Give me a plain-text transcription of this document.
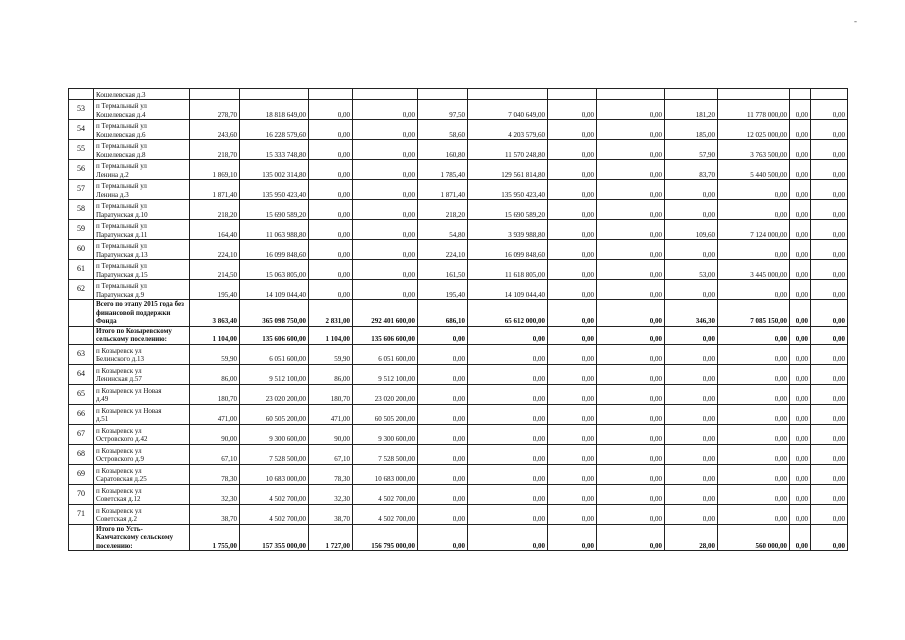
-

	Кошелевская д.3												

53	п Термальный ул
Кошелевская д.4	278,70	18 818 649,00	0,00	0,00	97,50	7 040 649,00	0,00	0,00	181,20	11 778 000,00	0,00	0,00
54	п Термальный ул
Кошелевская д.6	243,60	16 228 579,60	0,00	0,00	58,60	4 203 579,60	0,00	0,00	185,00	12 025 000,00	0,00	0,00
55	п Термальный ул
Кошелевская д.8	218,70	15 333 748,80	0,00	0,00	160,80	11 570 248,80	0,00	0,00	57,90	3 763 500,00	0,00	0,00
56	п Термальный ул
Ленина д.2	1 869,10	135 002 314,80	0,00	0,00	1 785,40	129 561 814,80	0,00	0,00	83,70	5 440 500,00	0,00	0,00
57	п Термальный ул
Ленина д.3	1 871,40	135 950 423,40	0,00	0,00	1 871,40	135 950 423,40	0,00	0,00	0,00	0,00	0,00	0,00
58	п Термальный ул
Паратунская д.10	218,20	15 690 589,20	0,00	0,00	218,20	15 690 589,20	0,00	0,00	0,00	0,00	0,00	0,00
59	п Термальный ул
Паратунская д.11	164,40	11 063 988,80	0,00	0,00	54,80	3 939 988,80	0,00	0,00	109,60	7 124 000,00	0,00	0,00
60	п Термальный ул
Паратунская д.13	224,10	16 099 848,60	0,00	0,00	224,10	16 099 848,60	0,00	0,00	0,00	0,00	0,00	0,00
61	п Термальный ул
Паратунская д.15	214,50	15 063 805,00	0,00	0,00	161,50	11 618 805,00	0,00	0,00	53,00	3 445 000,00	0,00	0,00
62	п Термальный ул
Паратунская д.9	195,40	14 109 044,40	0,00	0,00	195,40	14 109 044,40	0,00	0,00	0,00	0,00	0,00	0,00

	Всего по этапу 2015 года без
финансовой поддержки
Фонда	3 863,40	365 098 750,00	2 831,00	292 401 600,00	686,10	65 612 000,00	0,00	0,00	346,30	7 085 150,00	0,00	0,00

	Итого по Козыревскому
сельскому поселению:	1 104,00	135 606 600,00	1 104,00	135 606 600,00	0,00	0,00	0,00	0,00	0,00	0,00	0,00	0,00
63	п Козыревск ул
Белинского д.13	59,90	6 051 600,00	59,90	6 051 600,00	0,00	0,00	0,00	0,00	0,00	0,00	0,00	0,00
64	п Козыревск ул
Ленинская д.57	86,00	9 512 100,00	86,00	9 512 100,00	0,00	0,00	0,00	0,00	0,00	0,00	0,00	0,00
65	п Козыревск ул Новая
д.49	180,70	23 020 200,00	180,70	23 020 200,00	0,00	0,00	0,00	0,00	0,00	0,00	0,00	0,00
66	п Козыревск ул Новая
д.51	471,00	60 505 200,00	471,00	60 505 200,00	0,00	0,00	0,00	0,00	0,00	0,00	0,00	0,00
67	п Козыревск ул
Островского д.42	90,00	9 300 600,00	90,00	9 300 600,00	0,00	0,00	0,00	0,00	0,00	0,00	0,00	0,00
68	п Козыревск ул
Островского д.9	67,10	7 528 500,00	67,10	7 528 500,00	0,00	0,00	0,00	0,00	0,00	0,00	0,00	0,00
69	п Козыревск ул
Саратовская д.25	78,30	10 683 000,00	78,30	10 683 000,00	0,00	0,00	0,00	0,00	0,00	0,00	0,00	0,00
70	п Козыревск ул
Советская д.12	32,30	4 502 700,00	32,30	4 502 700,00	0,00	0,00	0,00	0,00	0,00	0,00	0,00	0,00
71	п Козыревск ул
Советская д.2	38,70	4 502 700,00	38,70	4 502 700,00	0,00	0,00	0,00	0,00	0,00	0,00	0,00	0,00

	Итого по Усть-
Камчатскому сельскому
поселению:	1 755,00	157 355 000,00	1 727,00	156 795 000,00	0,00	0,00	0,00	0,00	28,00	560 000,00	0,00	0,00
